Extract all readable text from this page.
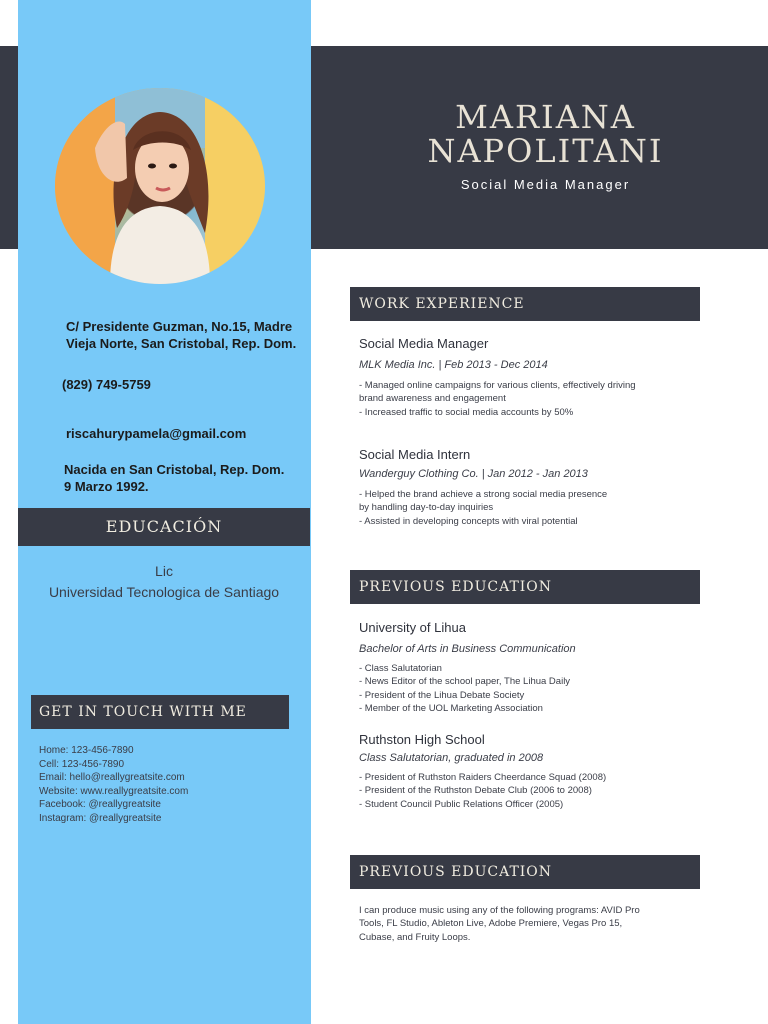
MARIANA
NAPOLITANI
Social Media Manager
C/ Presidente Guzman, No.15, Madre
Vieja Norte, San Cristobal, Rep. Dom.
(829) 749-5759
riscahurypamela@gmail.com
Nacida en San Cristobal, Rep. Dom.
9 Marzo 1992.
EDUCACIÓN
Lic
Universidad Tecnologica de Santiago
GET IN TOUCH WITH ME
Home: 123-456-7890
Cell: 123-456-7890
Email: hello@reallygreatsite.com
Website: www.reallygreatsite.com
Facebook: @reallygreatsite
Instagram: @reallygreatsite
WORK EXPERIENCE
Social Media Manager
MLK Media Inc. | Feb 2013 - Dec 2014
- Managed online campaigns for various clients, effectively driving
brand awareness and engagement
- Increased traffic to social media accounts by 50%
Social Media Intern
Wanderguy Clothing Co. | Jan 2012 - Jan 2013
- Helped the brand achieve a strong social media presence
by handling day-to-day inquiries
- Assisted in developing concepts with viral potential
PREVIOUS EDUCATION
University of Lihua
Bachelor of Arts in Business Communication
- Class Salutatorian
- News Editor of the school paper, The Lihua Daily
- President of the Lihua Debate Society
- Member of the UOL Marketing Association
Ruthston High School
Class Salutatorian, graduated in 2008
- President of Ruthston Raiders Cheerdance Squad (2008)
- President of the Ruthston Debate Club (2006 to 2008)
- Student Council Public Relations Officer (2005)
PREVIOUS EDUCATION
I can produce music using any of the following programs: AVID Pro
Tools, FL Studio, Ableton Live, Adobe Premiere, Vegas Pro 15,
Cubase, and Fruity Loops.
